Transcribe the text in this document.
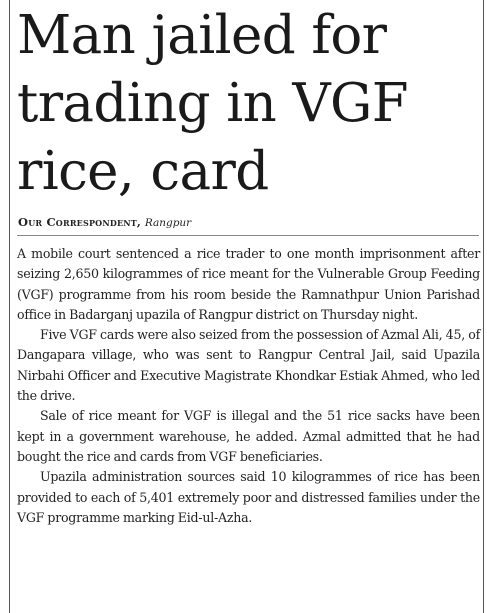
Man jailed for trading in VGF rice, card
Our Correspondent, Rangpur

A mobile court sentenced a rice trader to one month imprisonment after seizing 2,650 kilogrammes of rice meant for the Vulnerable Group Feeding (VGF) programme from his room beside the Ramnathpur Union Parishad office in Badarganj upazila of Rangpur district on Thursday night.

Five VGF cards were also seized from the possession of Azmal Ali, 45, of Dangapara village, who was sent to Rangpur Central Jail, said Upazila Nirbahi Officer and Executive Magistrate Khondkar Estiak Ahmed, who led the drive.

Sale of rice meant for VGF is illegal and the 51 rice sacks have been kept in a government warehouse, he added. Azmal admitted that he had bought the rice and cards from VGF beneficiaries.

Upazila administration sources said 10 kilogrammes of rice has been provided to each of 5,401 extremely poor and distressed families under the VGF programme marking Eid-ul-Azha.
